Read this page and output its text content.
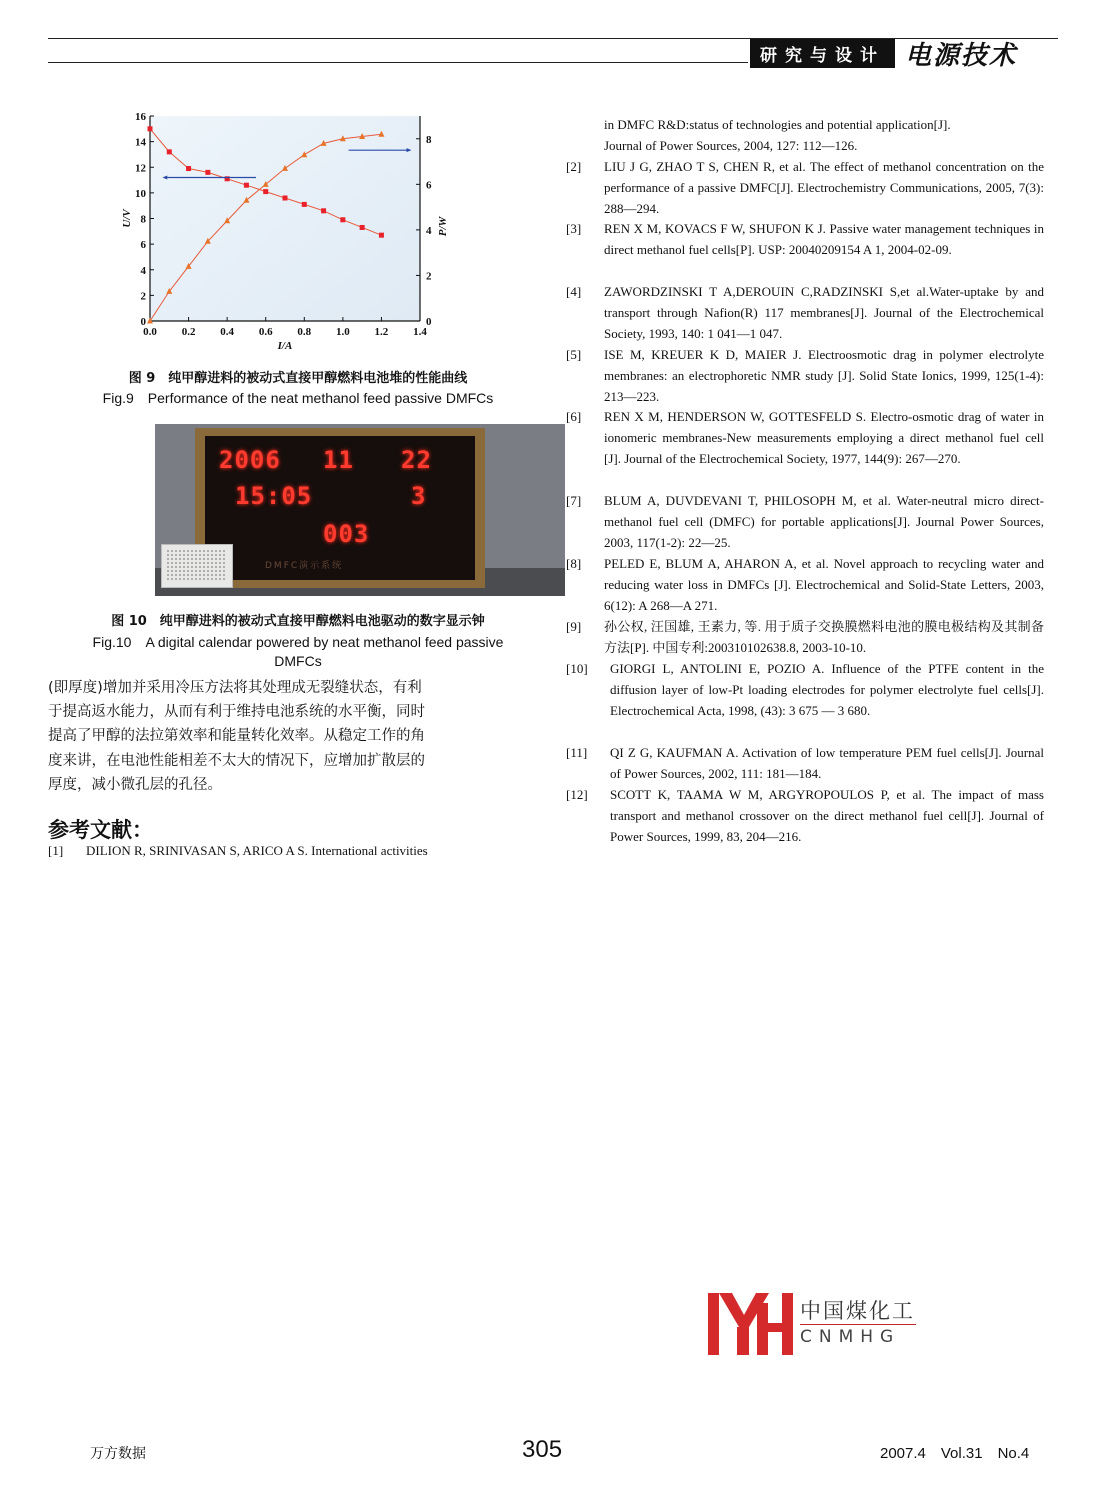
研究与设计 电源技术
0.0 0.2 0.4 0.6 0.8 1.0 1.2 1.4
0
2
4
6
8
10
12
14
16
0
2
4
6
8
I/A
U/V	P/W
图 9　纯甲醇进料的被动式直接甲醇燃料电池堆的性能曲线
Fig.9　Performance of the neat methanol feed passive DMFCs
2006 11 22
15:05	3
003
DMFC演示系统
图 10　纯甲醇进料的被动式直接甲醇燃料电池驱动的数字显示钟
Fig.10　A digital calendar powered by neat methanol feed passive
DMFCs
(即厚度)增加并采用冷压方法将其处理成无裂缝状态，有利
于提高返水能力，从而有利于维持电池系统的水平衡，同时
提高了甲醇的法拉第效率和能量转化效率。从稳定工作的角
度来讲，在电池性能相差不太大的情况下，应增加扩散层的
厚度，减小微孔层的孔径。
参考文献：
[1]	DILION R, SRINIVASAN S, ARICO A S. International activities
in DMFC R&D:status of technologies and potential application[J].
Journal of Power Sources, 2004, 127: 112—126.
[2]	LIU J G, ZHAO T S, CHEN R, et al. The effect of methanol concentration on the performance of a passive DMFC[J]. Electrochemistry Communications, 2005, 7(3): 288—294.
[3]	REN X M, KOVACS F W, SHUFON K J. Passive water management techniques in direct methanol fuel cells[P]. USP: 20040209154 A 1, 2004-02-09.
[4]	ZAWORDZINSKI T A,DEROUIN C,RADZINSKI S,et al.Water-uptake by and transport through Nafion(R) 117 membranes[J]. Journal of the Electrochemical Society, 1993, 140: 1 041—1 047.
[5]	ISE M, KREUER K D, MAIER J. Electroosmotic drag in polymer electrolyte membranes: an electrophoretic NMR study [J]. Solid State Ionics, 1999, 125(1-4): 213—223.
[6]	REN X M, HENDERSON W, GOTTESFELD S. Electro-osmotic drag of water in ionomeric membranes-New measurements employing a direct methanol fuel cell [J]. Journal of the Electrochemical Society, 1977, 144(9): 267—270.
[7]	BLUM A, DUVDEVANI T, PHILOSOPH M, et al. Water-neutral micro direct-methanol fuel cell (DMFC) for portable applications[J]. Journal Power Sources, 2003, 117(1-2): 22—25.
[8]	PELED E, BLUM A, AHARON A, et al. Novel approach to recycling water and reducing water loss in DMFCs [J]. Electrochemical and Solid-State Letters, 2003, 6(12): A 268—A 271.
[9]	孙公权, 汪国雄, 王素力, 等. 用于质子交换膜燃料电池的膜电极结构及其制备方法[P]. 中国专利:200310102638.8, 2003-10-10.
[10]	GIORGI L, ANTOLINI E, POZIO A. Influence of the PTFE content in the diffusion layer of low-Pt loading electrodes for polymer electrolyte fuel cells[J]. Electrochemical Acta, 1998, (43): 3 675 — 3 680.
[11]	QI Z G, KAUFMAN A. Activation of low temperature PEM fuel cells[J]. Journal of Power Sources, 2002, 111: 181—184.
[12]	SCOTT K, TAAMA W M, ARGYROPOULOS P, et al. The impact of mass transport and methanol crossover on the direct methanol fuel cell[J]. Journal of Power Sources, 1999, 83, 204—216.
中国煤化工
CNMHG
万方数据	305	2007.4　Vol.31　No.4
